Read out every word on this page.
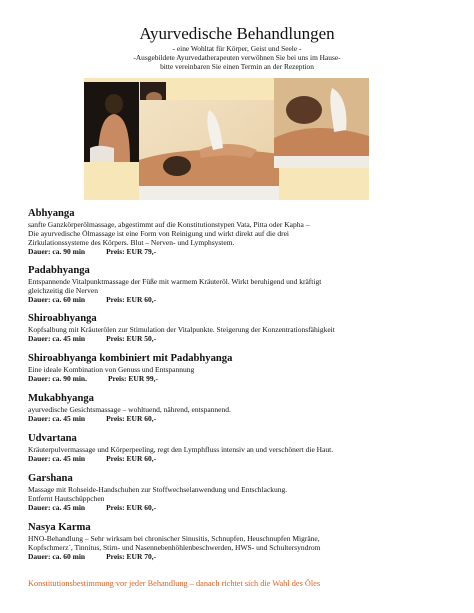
Ayurvedische Behandlungen
- eine Wohltat für Körper, Geist und Seele -
-Ausgebildete Ayurvedatherapeuten verwöhnen Sie bei uns im Hause-
bitte vereinbaren Sie einen Termin an der Rezeption
Abhyanga
sanfte Ganzkörperölmassage, abgestimmt auf die Konstitutionstypen Vata, Pitta oder Kapha –
Die ayurvedische Ölmassage ist eine Form von Reinigung und wirkt direkt auf die drei
Zirkulationssysteme des Körpers. Blut – Nerven- und Lymphsystem.
Dauer: ca. 90 min	Preis: EUR 79,-
Padabhyanga
Entspannende Vitalpunktmassage der Füße mit warmem Kräuteröl. Wirkt beruhigend und kräftigt
gleichzeitig die Nerven
Dauer: ca. 60 min	Preis: EUR 60,-
Shiroabhyanga
Kopfsalbung mit Kräuterölen zur Stimulation der Vitalpunkte. Steigerung der Konzentrationsfähigkeit
Dauer: ca. 45 min	Preis: EUR 50,-
Shiroabhyanga kombiniert mit Padabhyanga
Eine ideale Kombination von Genuss und Entspannung
Dauer: ca. 90 min.	Preis: EUR 99,-
Mukabhyanga
ayurvedische Gesichtsmassage – wohltuend, nährend, entspannend.
Dauer: ca. 45 min	Preis: EUR 60,-
Udvartana
Kräuterpulvermassage und Körperpeeling, regt den Lymphfluss intensiv an und verschönert die Haut.
Dauer: ca. 45 min	Preis: EUR 60,-
Garshana
Massage mit Rohseide-Handschuhen zur Stoffwechselanwendung und Entschlackung.
Entfernt Hautschüppchen
Dauer: ca. 45 min	Preis: EUR 60,-
Nasya Karma
HNO-Behandlung – Sehr wirksam bei chronischer Sinusitis, Schnupfen, Heuschnupfen Migräne,
Kopfschmerz´, Tinnitus, Stirn- und Nasennebenhöhlenbeschwerden, HWS- und Schultersyndrom
Dauer: ca. 60 min	Preis: EUR 70,-
Konstitutionsbestimmung vor jeder Behandlung – danach richtet sich die Wahl des Öles
